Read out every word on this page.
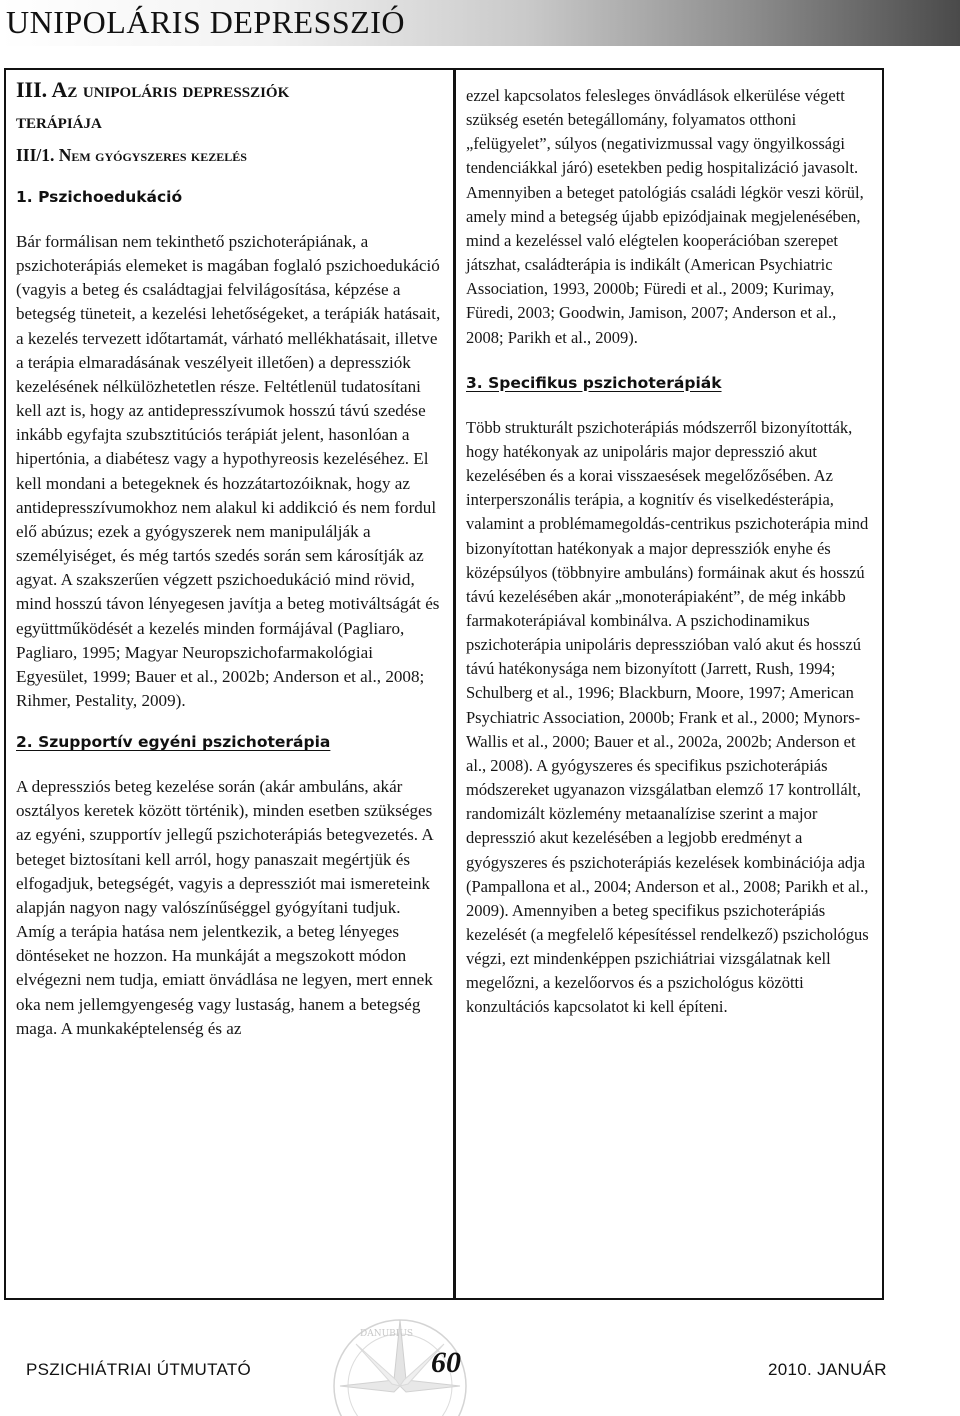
UNIPOLÁRIS DEPRESSZIÓ
III. Az unipoláris depressziók
terápiája
III/1. Nem gyógyszeres kezelés
1. Pszichoedukáció

Bár formálisan nem tekinthető pszichoterápiának, a pszichoterápiás elemeket is magában foglaló pszichoedukáció (vagyis a beteg és családtagjai felvilágosítása, képzése a betegség tüneteit, a kezelési lehetőségeket, a terápiák hatásait, a kezelés tervezett időtartamát, várható mellékhatásait, illetve a terápia elmaradásának veszélyeit illetően) a depressziók kezelésének nélkülözhetetlen része. Feltétlenül tudatosítani kell azt is, hogy az antidepresszívumok hosszú távú szedése inkább egyfajta szubsztitúciós terápiát jelent, hasonlóan a hipertónia, a diabétesz vagy a hypothyreosis kezeléséhez. El kell mondani a betegeknek és hozzátartozóiknak, hogy az antidepresszívumokhoz nem alakul ki addikció és nem fordul elő abúzus; ezek a gyógyszerek nem manipulálják a személyiséget, és még tartós szedés során sem károsítják az agyat. A szakszerűen végzett pszichoedukáció mind rövid, mind hosszú távon lényegesen javítja a beteg motiváltságát és együttműködését a kezelés minden formájával (Pagliaro, Pagliaro, 1995; Magyar Neuropszichofarmakológiai Egyesület, 1999; Bauer et al., 2002b; Anderson et al., 2008; Rihmer, Pestality, 2009).

2. Szupportív egyéni pszichoterápia

A depressziós beteg kezelése során (akár ambuláns, akár osztályos keretek között történik), minden esetben szükséges az egyéni, szupportív jellegű pszichoterápiás betegvezetés. A beteget biztosítani kell arról, hogy panaszait megértjük és elfogadjuk, betegségét, vagyis a depressziót mai ismereteink alapján nagyon nagy valószínűséggel gyógyítani tudjuk. Amíg a terápia hatása nem jelentkezik, a beteg lényeges döntéseket ne hozzon. Ha munkáját a megszokott módon elvégezni nem tudja, emiatt önvádlása ne legyen, mert ennek oka nem jellemgyengeség vagy lustaság, hanem a betegség maga. A munkaképtelenség és az

ezzel kapcsolatos felesleges önvádlások elkerülése végett szükség esetén betegállomány, folyamatos otthoni „felügyelet”, súlyos (negativizmussal vagy öngyilkossági tendenciákkal járó) esetekben pedig hospitalizáció javasolt. Amennyiben a beteget patológiás családi légkör veszi körül, amely mind a betegség újabb epizódjainak megjelenésében, mind a kezeléssel való elégtelen kooperációban szerepet játszhat, családterápia is indikált (American Psychiatric Association, 1993, 2000b; Füredi et al., 2009; Kurimay, Füredi, 2003; Goodwin, Jamison, 2007; Anderson et al., 2008; Parikh et al., 2009).

3. Specifikus pszichoterápiák

Több strukturált pszichoterápiás módszerről bizonyították, hogy hatékonyak az unipoláris major depresszió akut kezelésében és a korai visszaesések megelőzősében. Az interperszonális terápia, a kognitív és viselkedésterápia, valamint a problémamegoldás-centrikus pszichoterápia mind bizonyítottan hatékonyak a major depressziók enyhe és középsúlyos (többnyire ambuláns) formáinak akut és hosszú távú kezelésében akár „monoterápiaként”, de még inkább farmakoterápiával kombinálva. A pszichodinamikus pszichoterápia unipoláris depresszióban való akut és hosszú távú hatékonysága nem bizonyított (Jarrett, Rush, 1994; Schulberg et al., 1996; Blackburn, Moore, 1997; American Psychiatric Association, 2000b; Frank et al., 2000; Mynors-Wallis et al., 2000; Bauer et al., 2002a, 2002b; Anderson et al., 2008). A gyógyszeres és specifikus pszichoterápiás módszereket ugyanazon vizsgálatban elemző 17 kontrollált, randomizált közlemény metaanalízise szerint a major depresszió akut kezelésében a legjobb eredményt a gyógyszeres és pszichoterápiás kezelések kombinációja adja (Pampallona et al., 2004; Anderson et al., 2008; Parikh et al., 2009). Amennyiben a beteg specifikus pszichoterápiás kezelését (a megfelelő képesítéssel rendelkező) pszichológus végzi, ezt mindenképpen pszichiátriai vizsgálatnak kell megelőzni, a kezelőorvos és a pszichológus közötti konzultációs kapcsolatot ki kell építeni.

PSZICHIÁTRIAI ÚTMUTATÓ
DANUBIUS
60	2010. JANUÁR
